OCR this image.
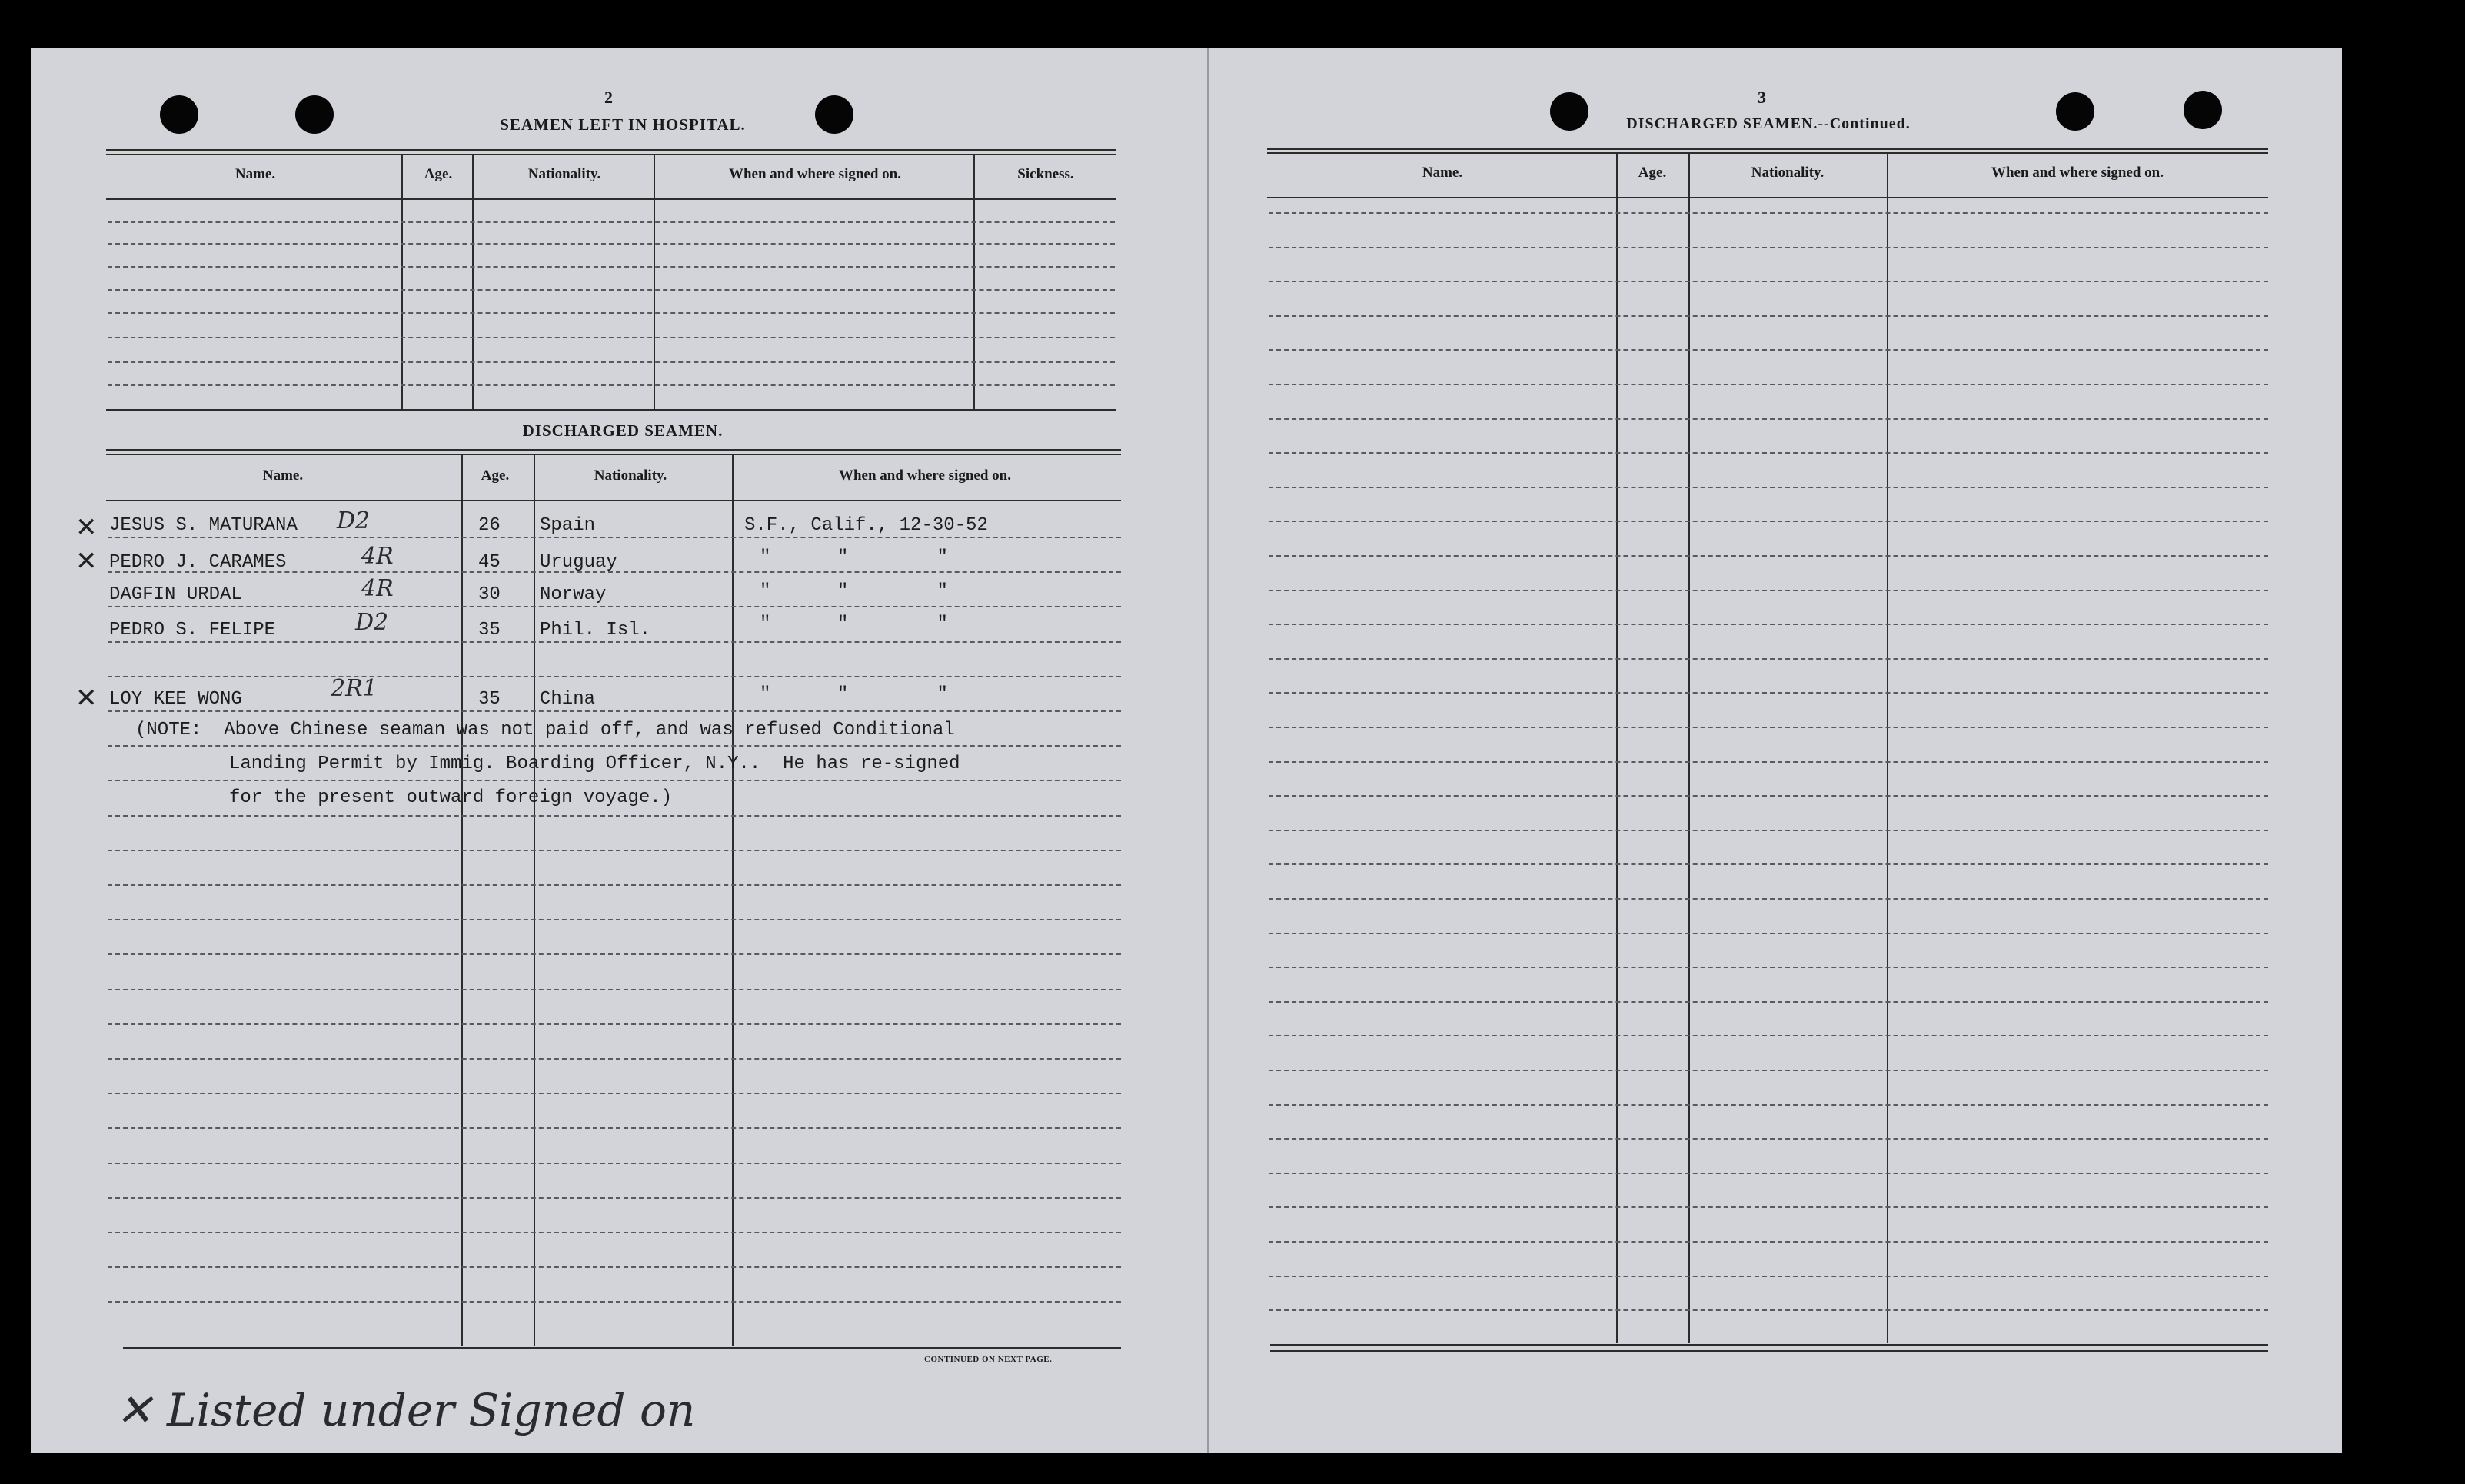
2
SEAMEN LEFT IN HOSPITAL.
Name.	Age.	Nationality.	When and where signed on.	Sickness.
DISCHARGED SEAMEN.
Name.	Age.	Nationality.	When and where signed on.
CONTINUED ON NEXT PAGE.
JESUS S. MATURANA D2	26 Spain	S.F., Calif., 12-30-52
PEDRO J. CARAMES	4R	45 Uruguay	"      "        "
DAGFIN URDAL	4R	30 Norway	"      "        "
PEDRO S. FELIPE	D2	35 Phil. Isl.	"      "        "
LOY KEE WONG	2R1	35 China	"      "        "
(NOTE:  Above Chinese seaman was not paid off, and was refused Conditional
Landing Permit by Immig. Boarding Officer, N.Y..  He has re-signed
for the present outward foreign voyage.)
✕
✕
✕
✕ Listed under Signed on
3
DISCHARGED SEAMEN.--Continued.
Name.	Age.	Nationality.	When and where signed on.
